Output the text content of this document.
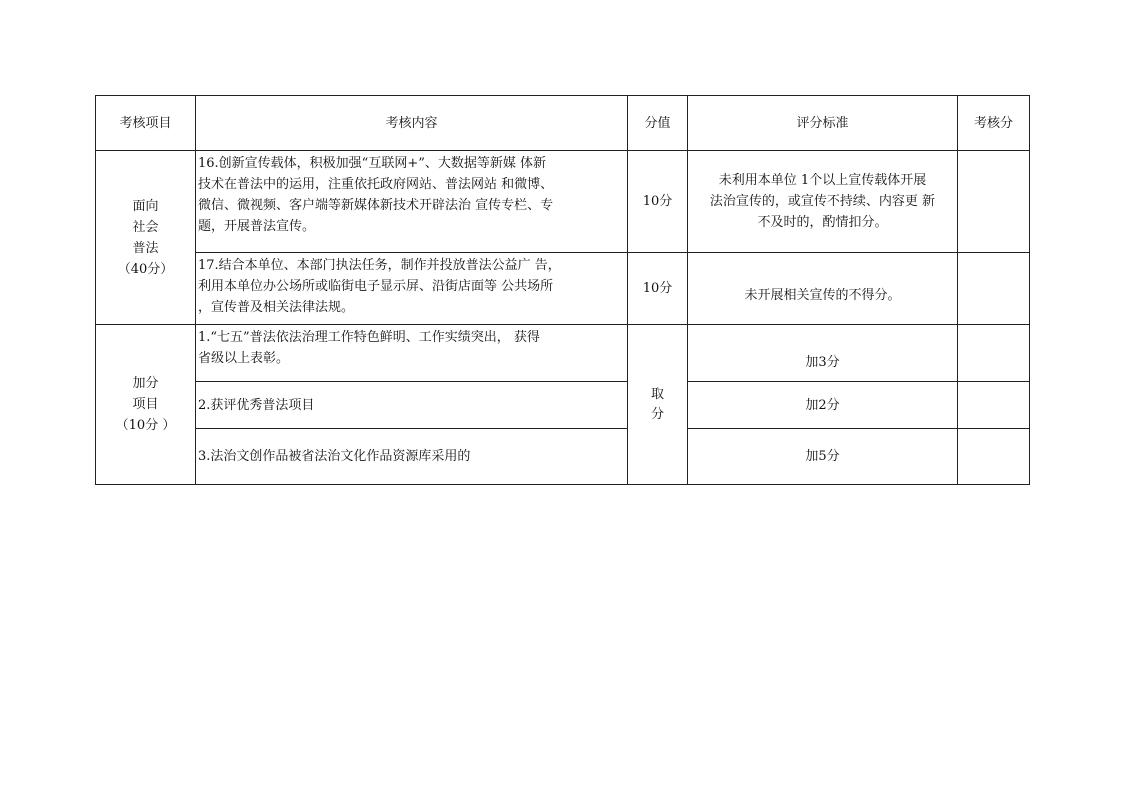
考核项目	考核内容	分值	评分标准	考核分

面向
社会
普法
（40分）	16.创新宣传载体，积极加强“互联网+”、大数据等新媒 体新
技术在普法中的运用，注重依托政府网站、普法网站 和微博、
微信、微视频、客户端等新媒体新技术开辟法治 宣传专栏、专
题，开展普法宣传。	10分	未利用本单位 1个以上宣传载体开展
法治宣传的，或宣传不持续、内容更 新
不及时的，酌情扣分。	

	17.结合本单位、本部门执法任务，制作并投放普法公益广 告，
利用本单位办公场所或临街电子显示屏、沿街店面等 公共场所
，宣传普及相关法律法规。	10分	未开展相关宣传的不得分。	

加分
项目
（10分 ）	1.“七五”普法依法治理工作特色鲜明、工作实绩突出， 获得
省级以上表彰。	取
分	加3分	
	2.获评优秀普法项目		加2分	
	3.法治文创作品被省法治文化作品资源库采用的		加5分	
